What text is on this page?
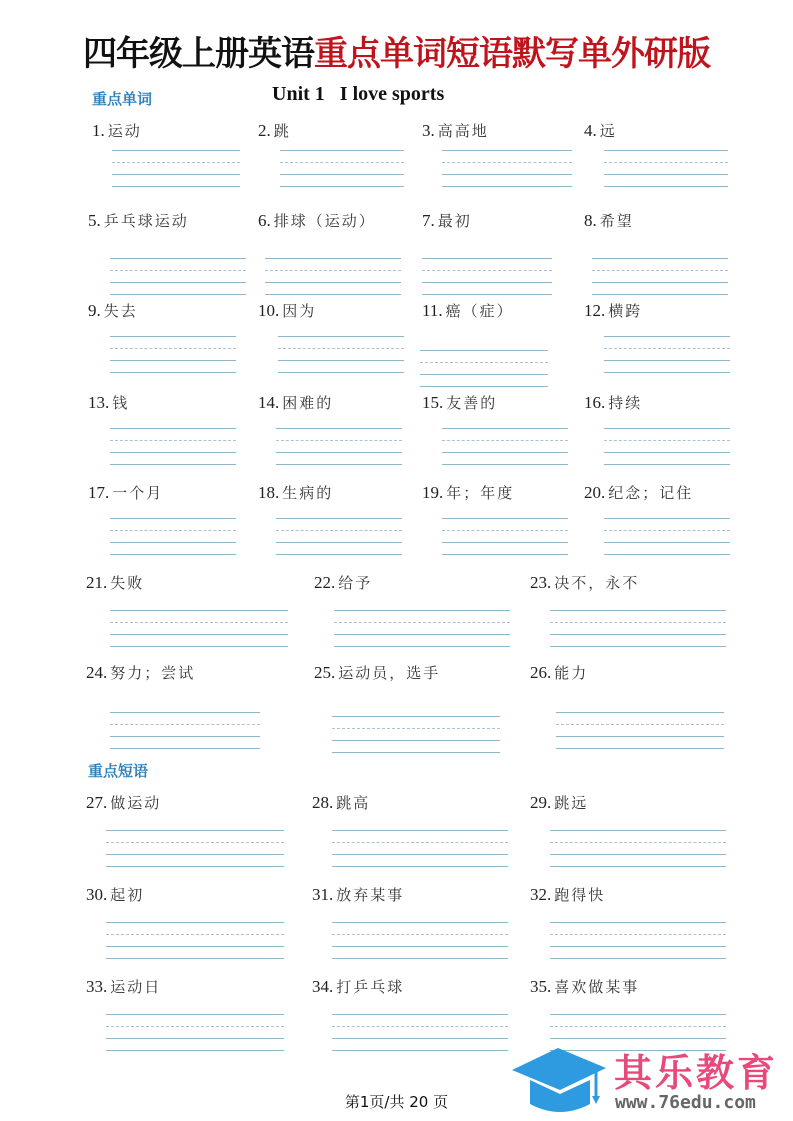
四年级上册英语重点单词短语默写单外研版
重点单词	Unit 1   I love sports
重点短语
1. 运动	2. 跳	3. 高高地	4. 远
5. 乒乓球运动	6. 排球（运动）	7. 最初	8. 希望
9. 失去	10. 因为	11. 癌（症）	12. 横跨
13. 钱	14. 困难的	15. 友善的	16. 持续
17. 一个月	18. 生病的	19. 年；年度	20. 纪念；记住
21. 失败	22. 给予	23. 决不，永不
24. 努力；尝试	25. 运动员，选手	26. 能力
27. 做运动	28. 跳高	29. 跳远
30. 起初	31. 放弃某事	32. 跑得快
33. 运动日	34. 打乒乓球	35. 喜欢做某事
第1页/共 20 页
其乐教育
www.76edu.com
